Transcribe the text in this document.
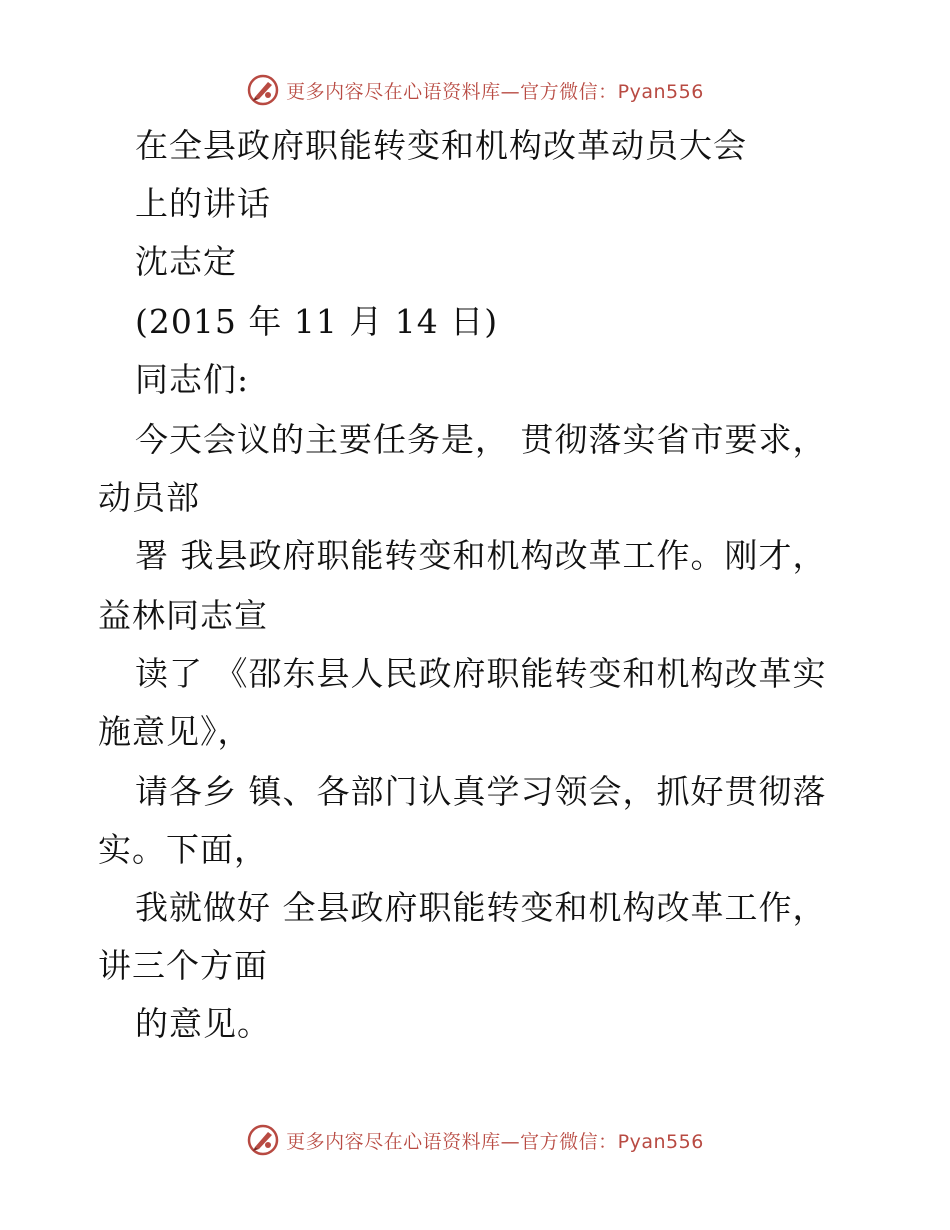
更多内容尽在心语资料库—官方微信：Pyan556
在全县政府职能转变和机构改革动员大会
上的讲话
沈志定
(2015 年 11 月 14 日)
同志们:
今天会议的主要任务是， 贯彻落实省市要求，
动员部
署 我县政府职能转变和机构改革工作。刚才，
益林同志宣
读了 《邵东县人民政府职能转变和机构改革实
施意见》，
请各乡 镇、各部门认真学习领会，抓好贯彻落
实。下面，
我就做好 全县政府职能转变和机构改革工作，
讲三个方面
的意见。
更多内容尽在心语资料库—官方微信：Pyan556
